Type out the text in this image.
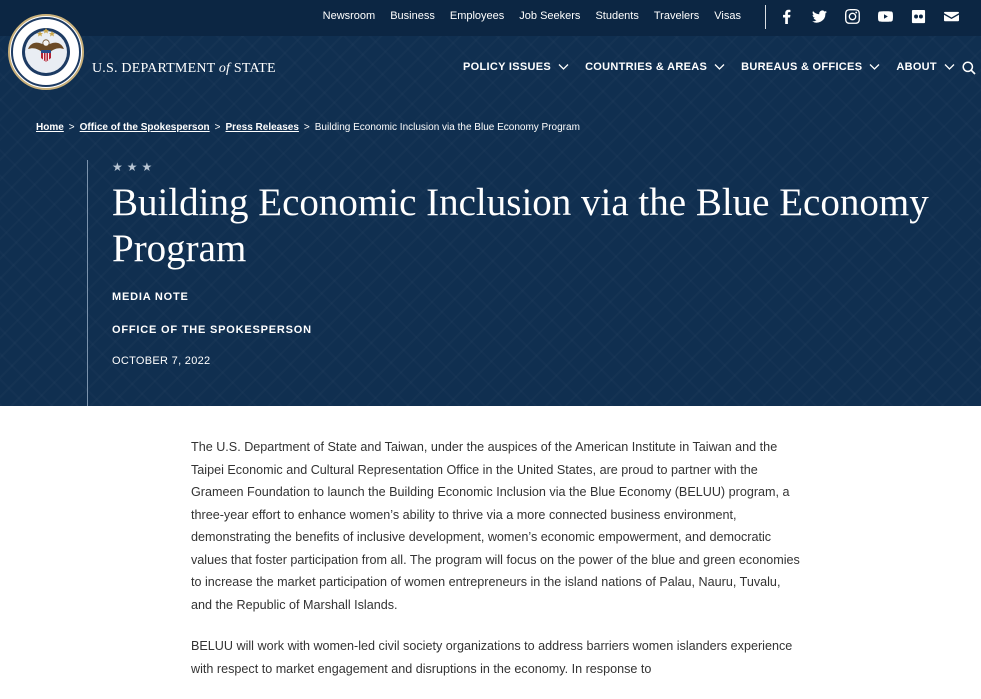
Newsroom Business Employees Job Seekers Students Travelers Visas
U.S. DEPARTMENT of STATE	POLICY ISSUES	COUNTRIES & AREAS	BUREAUS & OFFICES	ABOUT
Home > Office of the Spokesperson > Press Releases > Building Economic Inclusion via the Blue Economy Program
★★★
Building Economic Inclusion via the Blue Economy Program
MEDIA NOTE
OFFICE OF THE SPOKESPERSON
OCTOBER 7, 2022

The U.S. Department of State and Taiwan, under the auspices of the American Institute in Taiwan and the Taipei Economic and Cultural Representation Office in the United States, are proud to partner with the Grameen Foundation to launch the Building Economic Inclusion via the Blue Economy (BELUU) program, a three-year effort to enhance women’s ability to thrive via a more connected business environment, demonstrating the benefits of inclusive development, women’s economic empowerment, and democratic values that foster participation from all. The program will focus on the power of the blue and green economies to increase the market participation of women entrepreneurs in the island nations of Palau, Nauru, Tuvalu, and the Republic of Marshall Islands.

BELUU will work with women-led civil society organizations to address barriers women islanders experience with respect to market engagement and disruptions in the economy. In response to
